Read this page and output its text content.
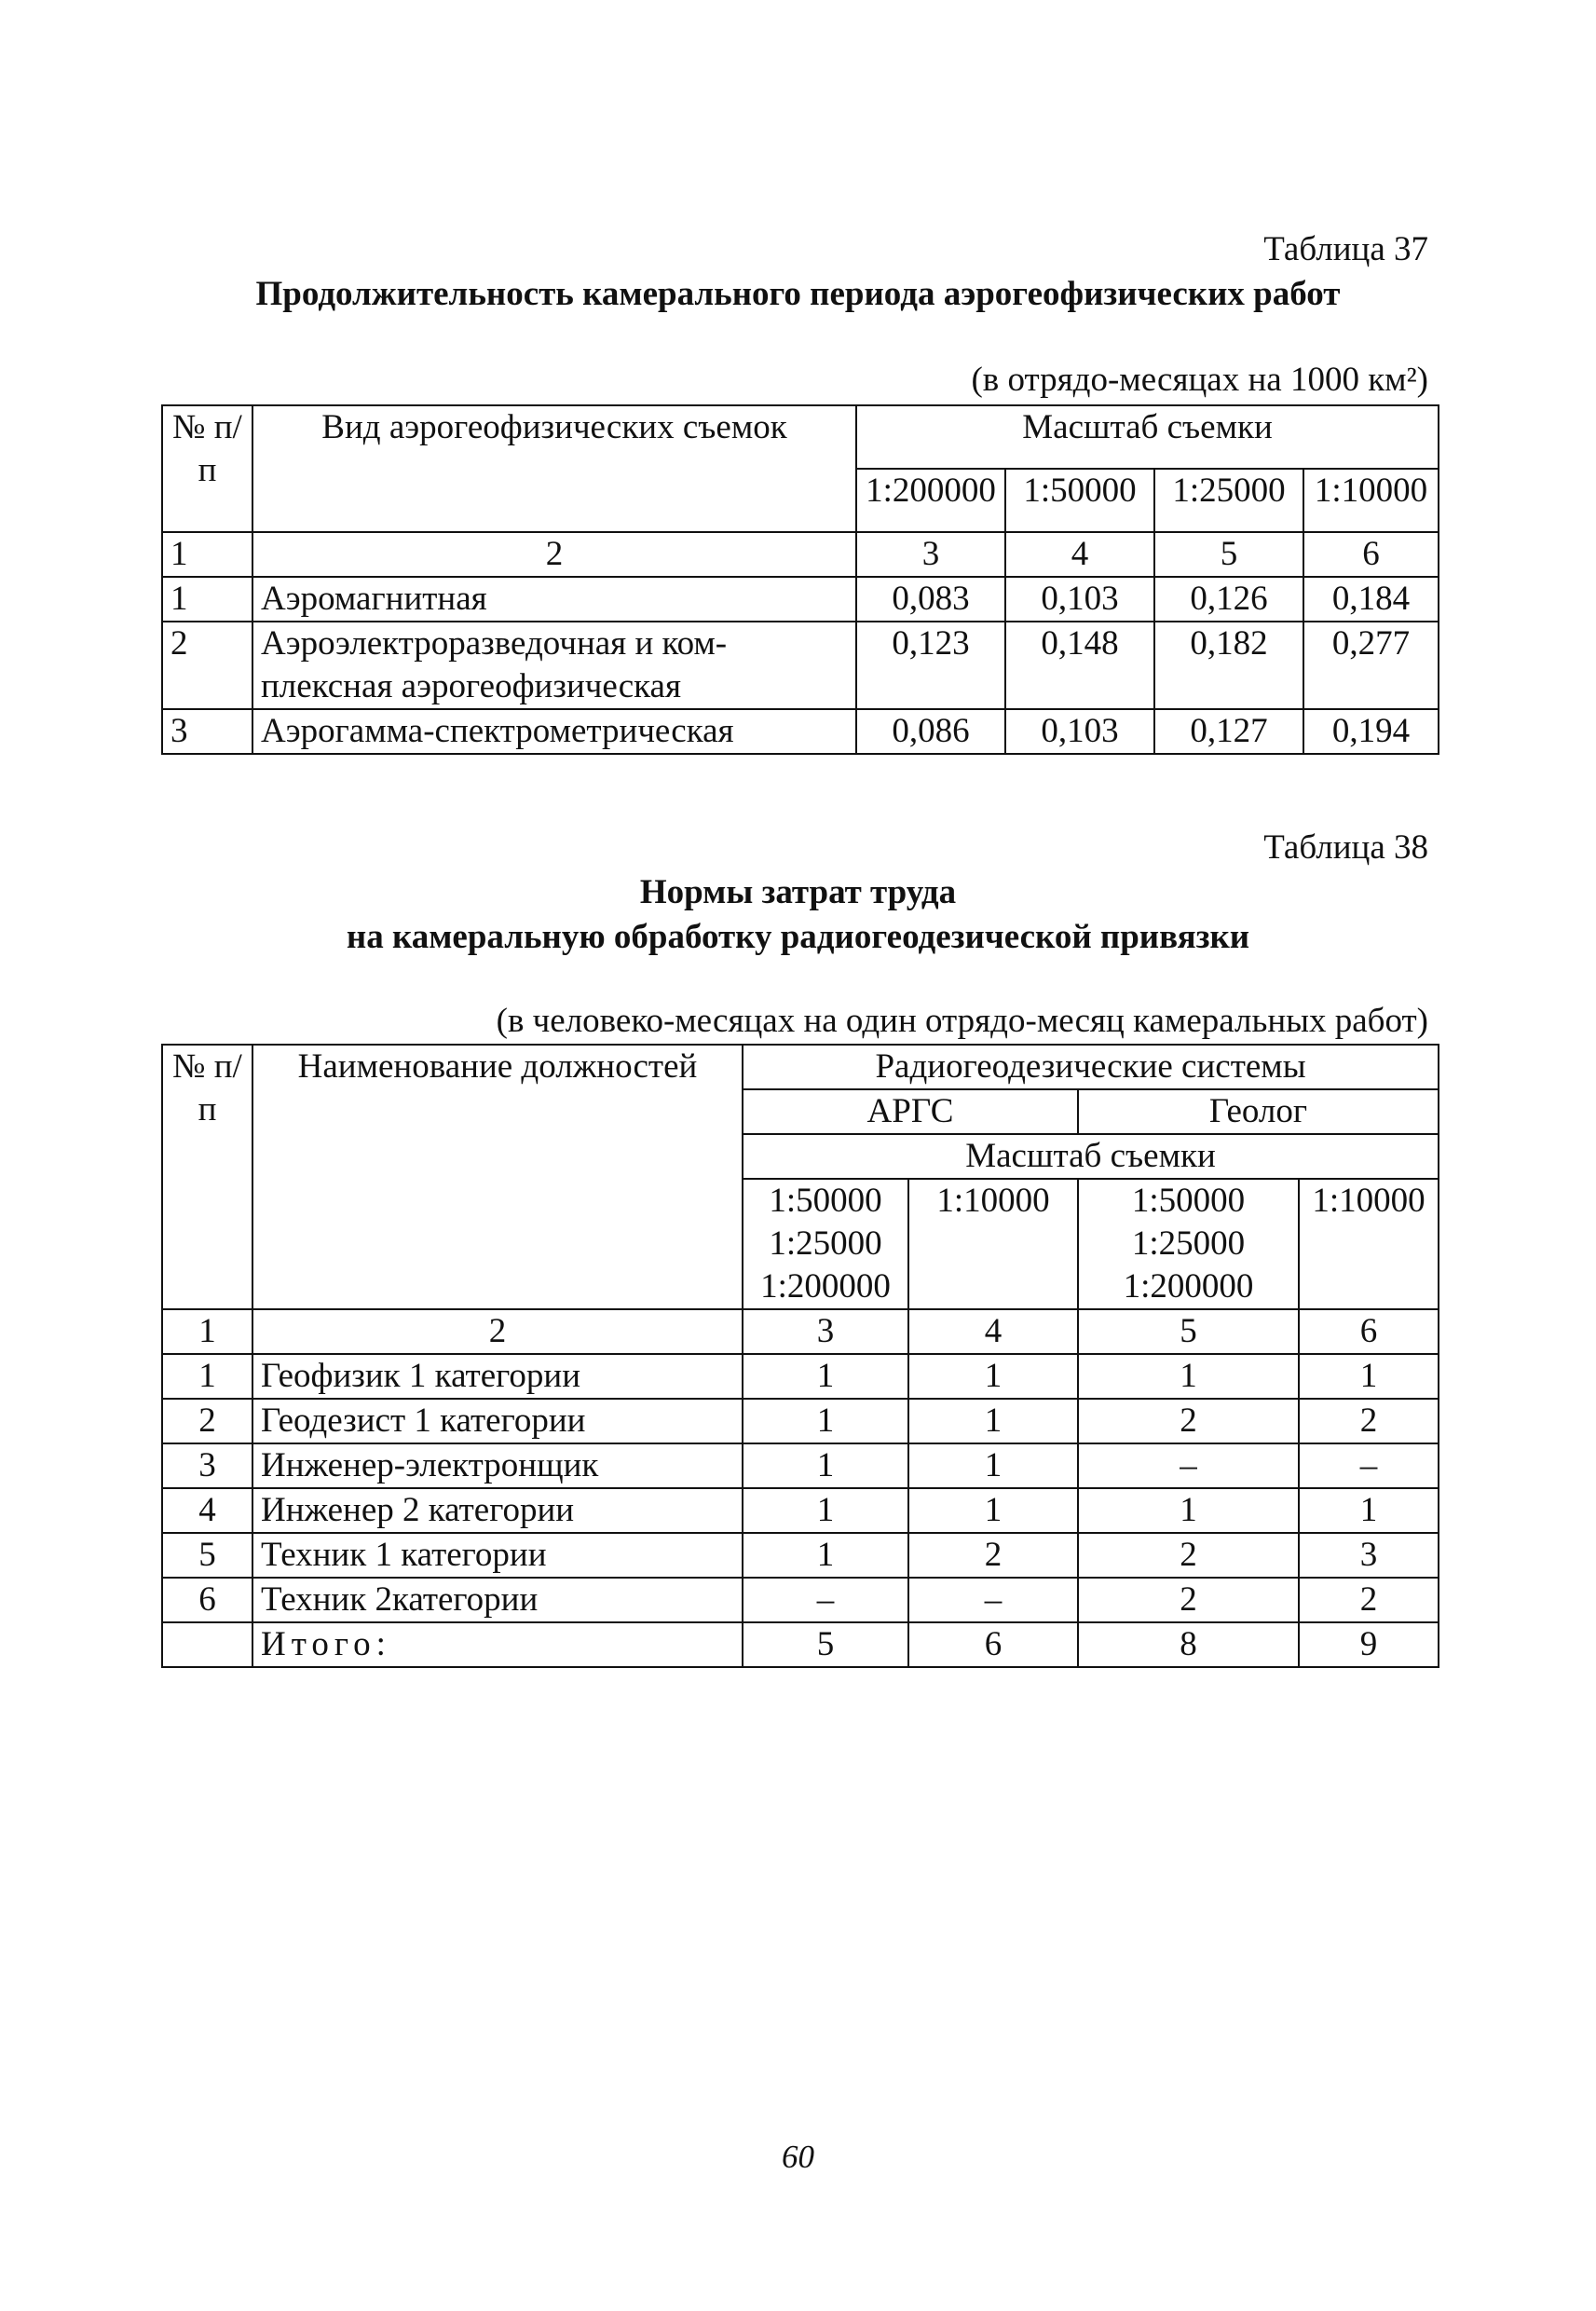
Таблица 37
Продолжительность камерального периода аэрогеофизических работ
(в отрядо-месяцах на 1000 км²)
№ п/п	Вид аэрогеофизических съемок	Масштаб съемки			
		1:200000	1:50000	1:25000	1:10000
1	2	3	4	5	6
1	Аэромагнитная	0,083	0,103	0,126	0,184
2	Аэроэлектроразведочная и ком-плексная аэрогеофизическая	0,123	0,148	0,182	0,277
3	Аэрогамма-спектрометрическая	0,086	0,103	0,127	0,194
Таблица 38
Нормы затрат труда
на камеральную обработку радиогеодезической привязки
(в человеко-месяцах на один отрядо-месяц камеральных работ)
№ п/п	Наименование должностей	Радиогеодезические системы			
		АРГС		Геолог	
		Масштаб съемки			
		1:50000 1:25000 1:200000	1:10000	1:50000 1:25000 1:200000	1:10000
1	2	3	4	5	6
1	Геофизик 1 категории	1	1	1	1
2	Геодезист 1 категории	1	1	2	2
3	Инженер-электронщик	1	1	–	–
4	Инженер 2 категории	1	1	1	1
5	Техник 1 категории	1	2	2	3
6	Техник 2категории	–	–	2	2
	Итого:	5	6	8	9
60
